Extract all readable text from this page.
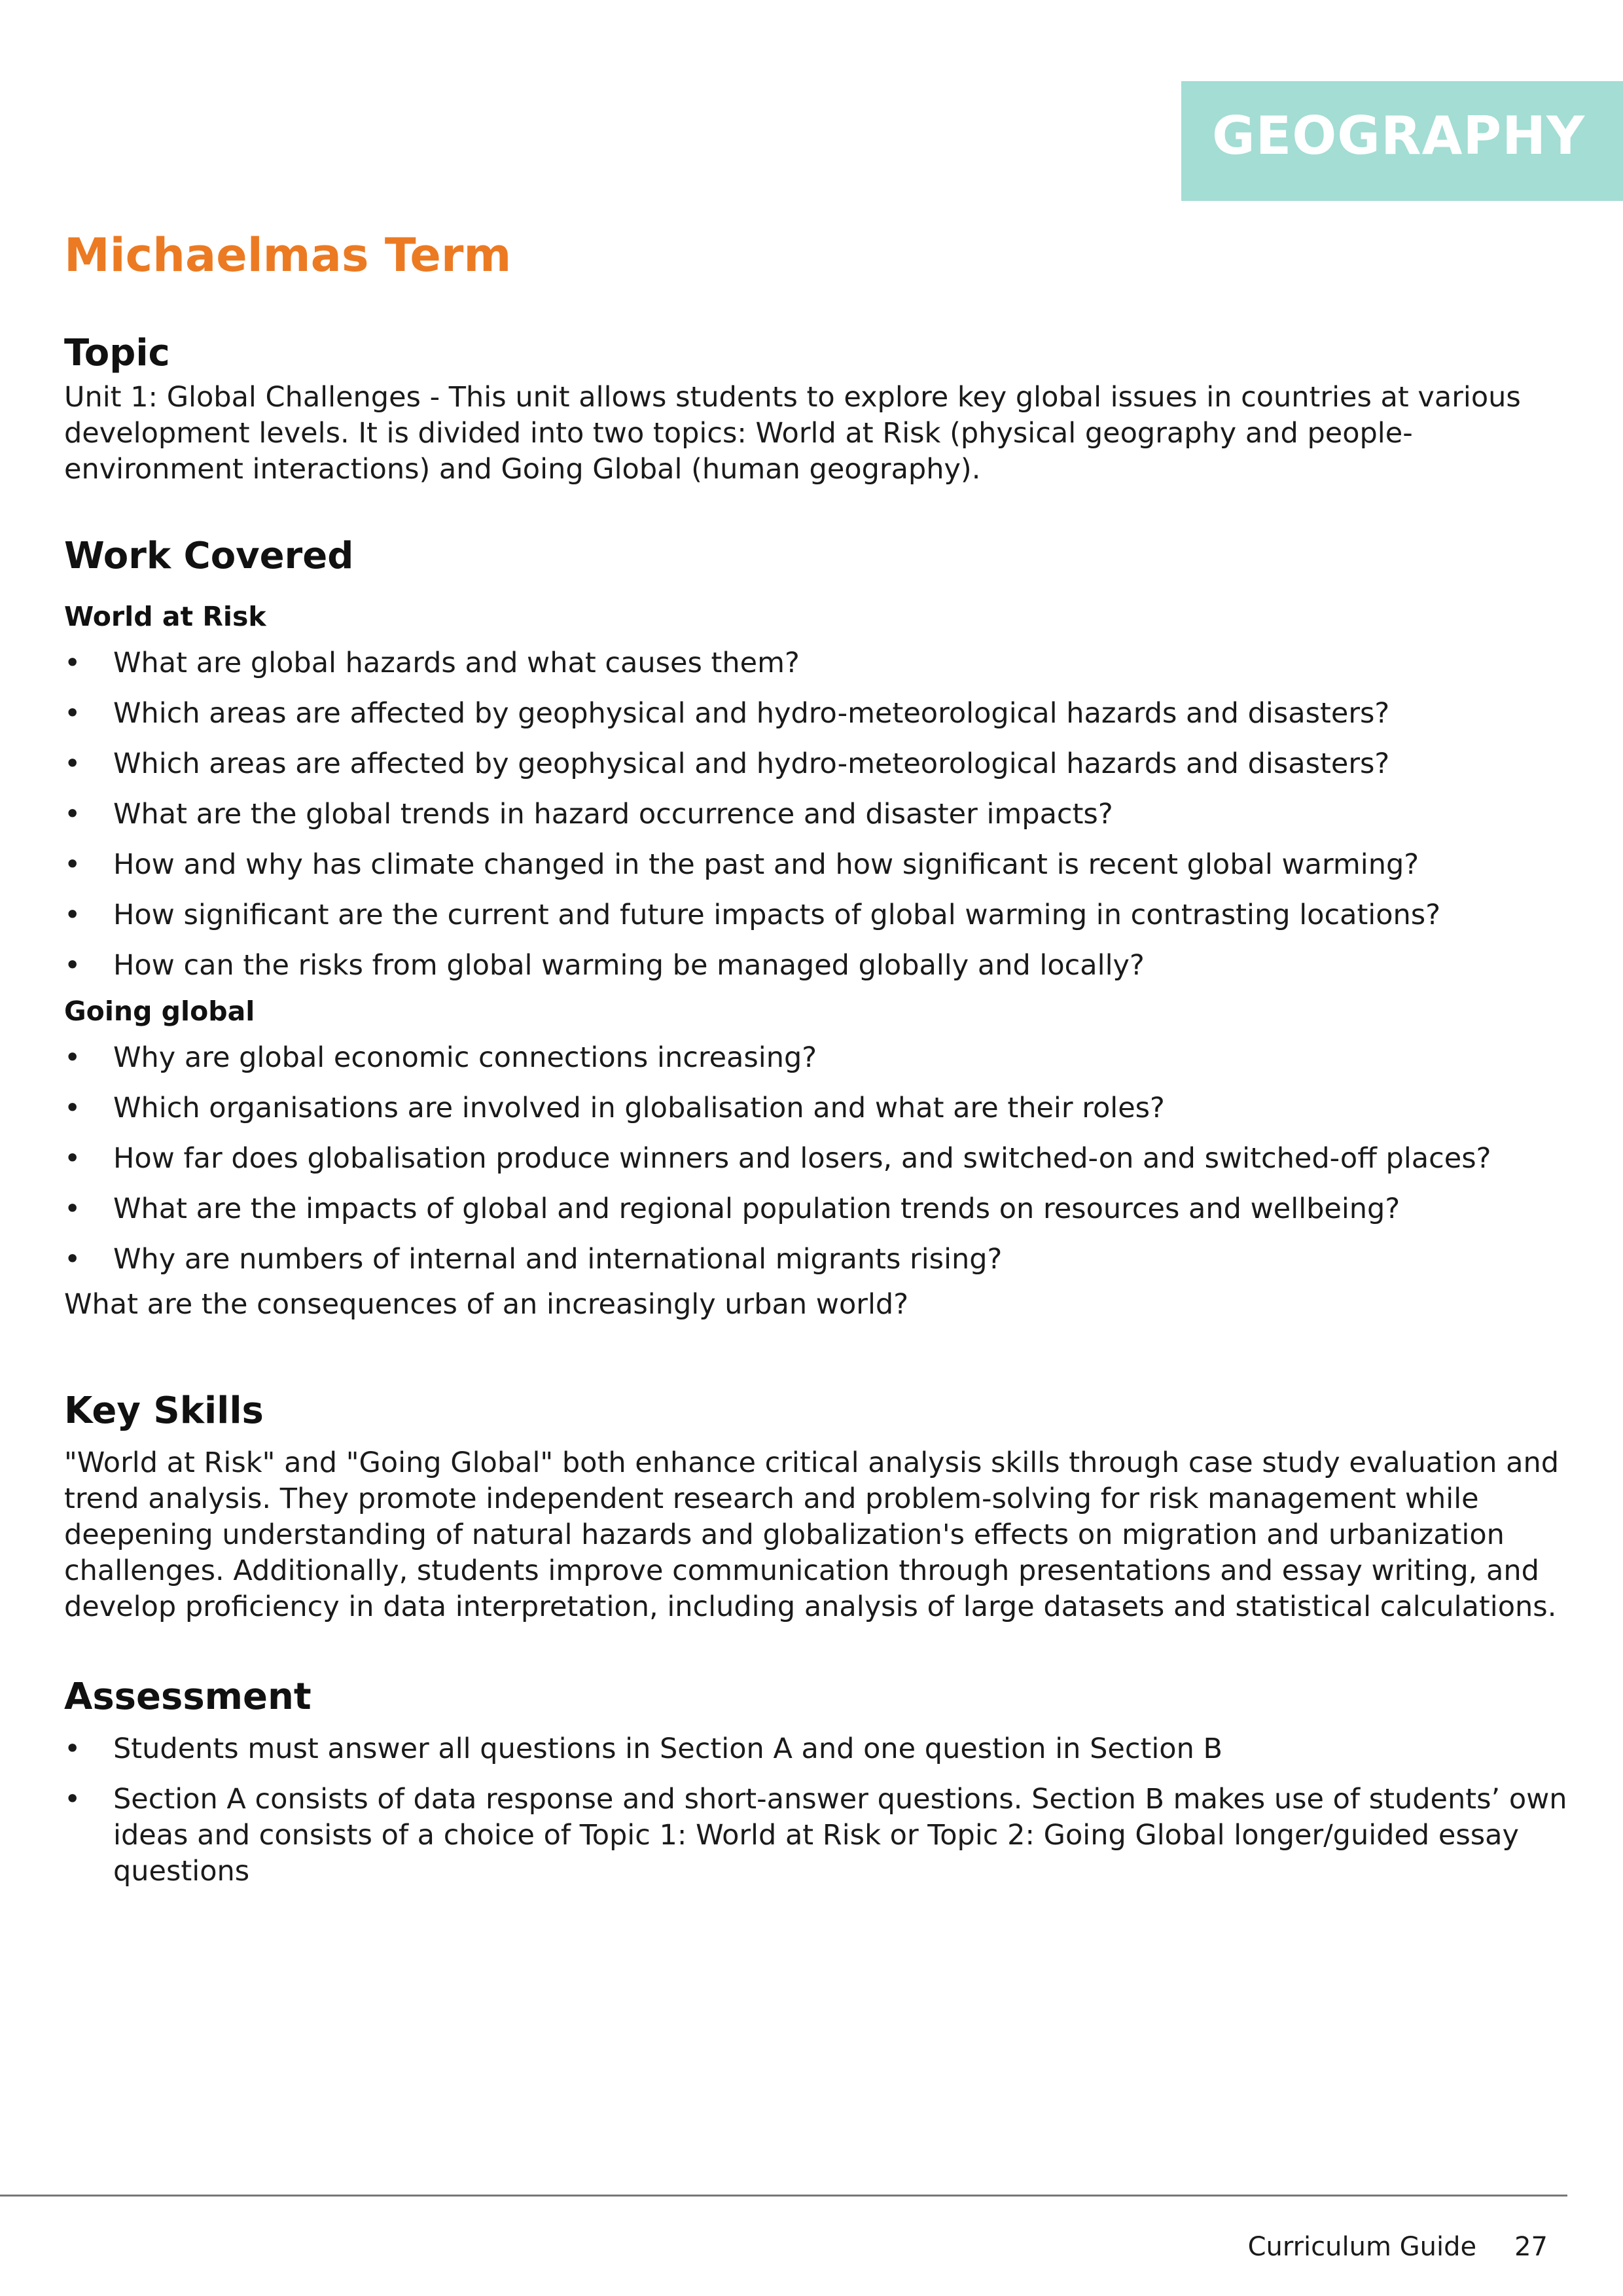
GEOGRAPHY
Michaelmas Term
Topic

Unit 1: Global Challenges - This unit allows students to explore key global issues in countries at various development levels. It is divided into two topics: World at Risk (physical geography and people-environment interactions) and Going Global (human geography).

Work Covered
World at Risk
• What are global hazards and what causes them?
• Which areas are affected by geophysical and hydro-meteorological hazards and disasters?
• Which areas are affected by geophysical and hydro-meteorological hazards and disasters?
• What are the global trends in hazard occurrence and disaster impacts?
• How and why has climate changed in the past and how significant is recent global warming?
• How significant are the current and future impacts of global warming in contrasting locations?
• How can the risks from global warming be managed globally and locally?
Going global
• Why are global economic connections increasing?
• Which organisations are involved in globalisation and what are their roles?
• How far does globalisation produce winners and losers, and switched-on and switched-off places?
• What are the impacts of global and regional population trends on resources and wellbeing?
• Why are numbers of internal and international migrants rising?

What are the consequences of an increasingly urban world?

Key Skills

"World at Risk" and "Going Global" both enhance critical analysis skills through case study evaluation and trend analysis. They promote independent research and problem-solving for risk management while deepening understanding of natural hazards and globalization's effects on migration and urbanization challenges. Additionally, students improve communication through presentations and essay writing, and develop proficiency in data interpretation, including analysis of large datasets and statistical calculations.

Assessment
• Students must answer all questions in Section A and one question in Section B
• Section A consists of data response and short-answer questions. Section B makes use of students’ own ideas and consists of a choice of Topic 1: World at Risk or Topic 2: Going Global longer/guided essay questions
Curriculum Guide 27
